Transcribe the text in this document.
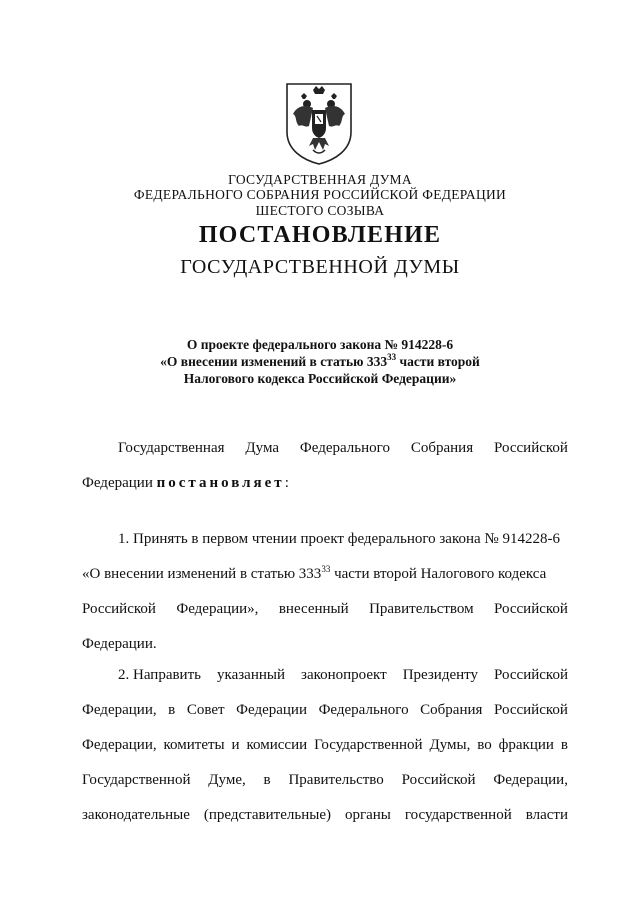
ГОСУДАРСТВЕННАЯ ДУМА
ФЕДЕРАЛЬНОГО СОБРАНИЯ РОССИЙСКОЙ ФЕДЕРАЦИИ
ШЕСТОГО СОЗЫВА
ПОСТАНОВЛЕНИЕ
ГОСУДАРСТВЕННОЙ ДУМЫ
О проекте федерального закона № 914228-6
«О внесении изменений в статью $333^{33}$ части второй
Налогового кодекса Российской Федерации»
Государственная Дума Федерального Собрания Российской
Федерации постановляет:
1. Принять в первом чтении проект федерального закона № 914228-6
«О внесении изменений в статью $333^{33}$ части второй Налогового кодекса
Российской Федерации», внесенный Правительством Российской
Федерации.
2. Направить указанный законопроект Президенту Российской
Федерации, в Совет Федерации Федерального Собрания Российской
Федерации, комитеты и комиссии Государственной Думы, во фракции в
Государственной Думе, в Правительство Российской Федерации,
законодательные (представительные) органы государственной власти
